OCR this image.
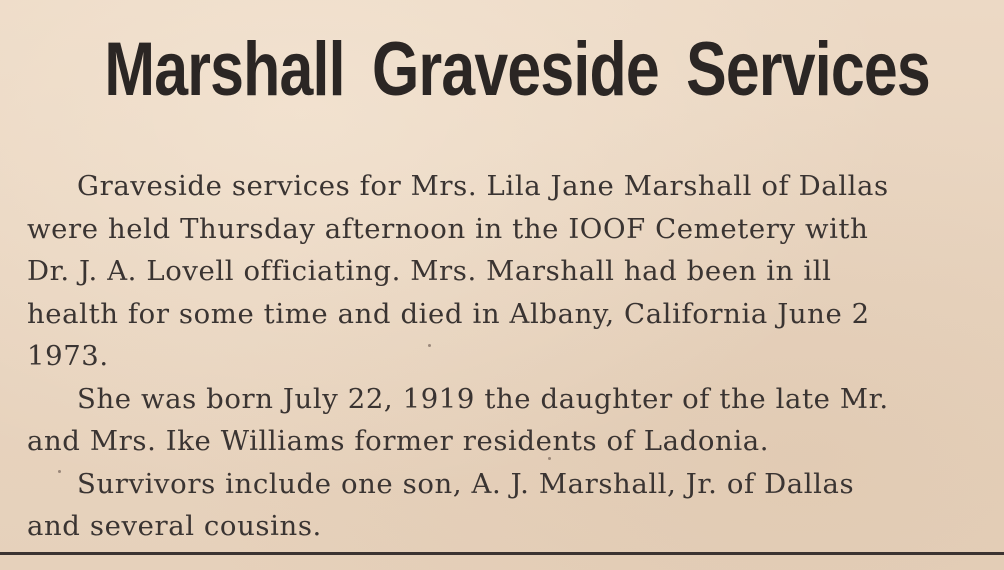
Marshall Graveside Services
Graveside services for Mrs. Lila Jane Marshall of Dallas
were held Thursday afternoon in the IOOF Cemetery with
Dr. J. A. Lovell officiating. Mrs. Marshall had been in ill
health for some time and died in Albany, California June 2
1973.
She was born July 22, 1919 the daughter of the late Mr.
and Mrs. Ike Williams former residents of Ladonia.
Survivors include one son, A. J. Marshall, Jr. of Dallas
and several cousins.
